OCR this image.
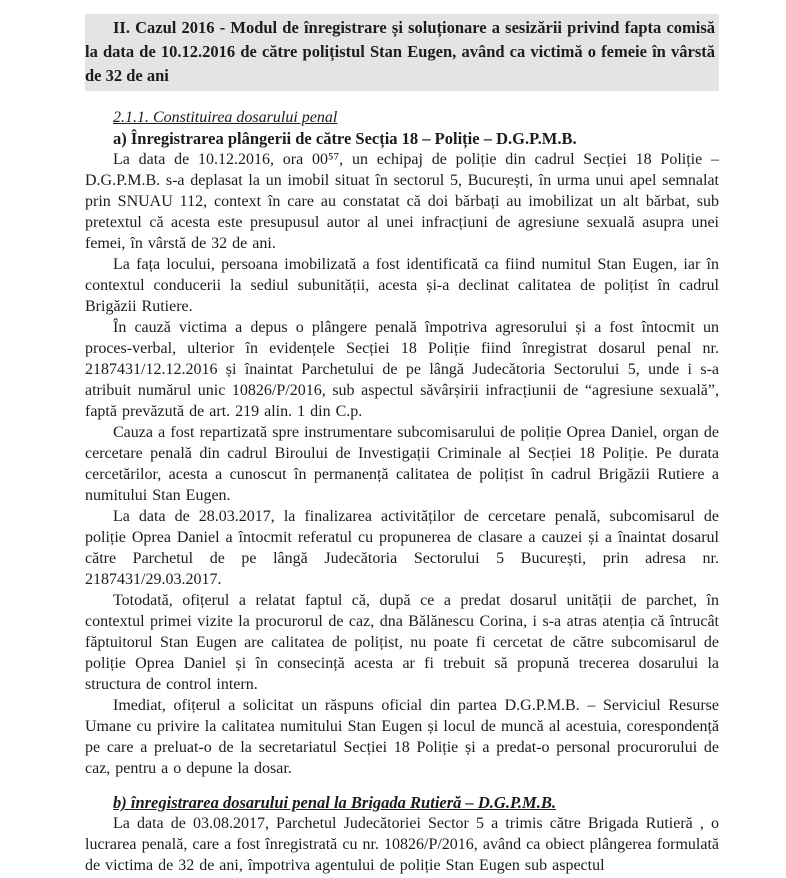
II. Cazul 2016 - Modul de înregistrare și soluționare a sesizării privind fapta comisă la data de 10.12.2016 de către polițistul Stan Eugen, având ca victimă o femeie în vârstă de 32 de ani

2.1.1. Constituirea dosarului penal

a) Înregistrarea plângerii de către Secția 18 – Poliție – D.G.P.M.B.

La data de 10.12.2016, ora 00⁵⁷, un echipaj de poliție din cadrul Secției 18 Poliție – D.G.P.M.B. s-a deplasat la un imobil situat în sectorul 5, București, în urma unui apel semnalat prin SNUAU 112, context în care au constatat că doi bărbați au imobilizat un alt bărbat, sub pretextul că acesta este presupusul autor al unei infracțiuni de agresiune sexuală asupra unei femei, în vârstă de 32 de ani.

La fața locului, persoana imobilizată a fost identificată ca fiind numitul Stan Eugen, iar în contextul conducerii la sediul subunității, acesta și-a declinat calitatea de polițist în cadrul Brigăzii Rutiere.

În cauză victima a depus o plângere penală împotriva agresorului și a fost întocmit un proces-verbal, ulterior în evidențele Secției 18 Poliție fiind înregistrat dosarul penal nr. 2187431/12.12.2016 și înaintat Parchetului de pe lângă Judecătoria Sectorului 5, unde i s-a atribuit numărul unic 10826/P/2016, sub aspectul săvârșirii infracțiunii de “agresiune sexuală”, faptă prevăzută de art. 219 alin. 1 din C.p.

Cauza a fost repartizată spre instrumentare subcomisarului de poliție Oprea Daniel, organ de cercetare penală din cadrul Biroului de Investigații Criminale al Secției 18 Poliție. Pe durata cercetărilor, acesta a cunoscut în permanență calitatea de polițist în cadrul Brigăzii Rutiere a numitului Stan Eugen.

La data de 28.03.2017, la finalizarea activităților de cercetare penală, subcomisarul de poliție Oprea Daniel a întocmit referatul cu propunerea de clasare a cauzei și a înaintat dosarul către Parchetul de pe lângă Judecătoria Sectorului 5 București, prin adresa nr. 2187431/29.03.2017.

Totodată, ofițerul a relatat faptul că, după ce a predat dosarul unității de parchet, în contextul primei vizite la procurorul de caz, dna Bălănescu Corina, i s-a atras atenția că întrucât făptuitorul Stan Eugen are calitatea de polițist, nu poate fi cercetat de către subcomisarul de poliție Oprea Daniel și în consecință acesta ar fi trebuit să propună trecerea dosarului la structura de control intern.

Imediat, ofițerul a solicitat un răspuns oficial din partea D.G.P.M.B. – Serviciul Resurse Umane cu privire la calitatea numitului Stan Eugen și locul de muncă al acestuia, corespondență pe care a preluat-o de la secretariatul Secției 18 Poliție și a predat-o personal procurorului de caz, pentru a o depune la dosar.

b) înregistrarea dosarului penal la Brigada Rutieră – D.G.P.M.B.

La data de 03.08.2017, Parchetul Judecătoriei Sector 5 a trimis către Brigada Rutieră , o lucrarea penală, care a fost înregistrată cu nr. 10826/P/2016, având ca obiect plângerea formulată de victima de 32 de ani, împotriva agentului de poliție Stan Eugen sub aspectul
